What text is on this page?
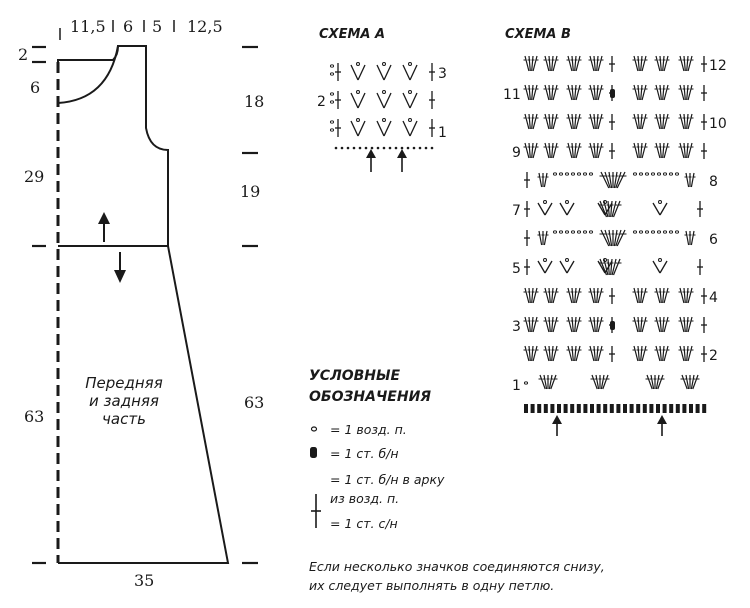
11,5 6 5 12,5
2
6
29
63
18
19
63
35
Передняя
и задняя
часть
СХЕМА А
1
2
3
СХЕМА В
1
2
3
4
5
6
7
8
9
10
11
12
УСЛОВНЫЕ
ОБОЗНАЧЕНИЯ
= 1 возд. п.
= 1 ст. б/н
= 1 ст. б/н в арку
из возд. п.
= 1 ст. с/н
Если несколько значков соединяются снизу,
их следует выполнять в одну петлю.
